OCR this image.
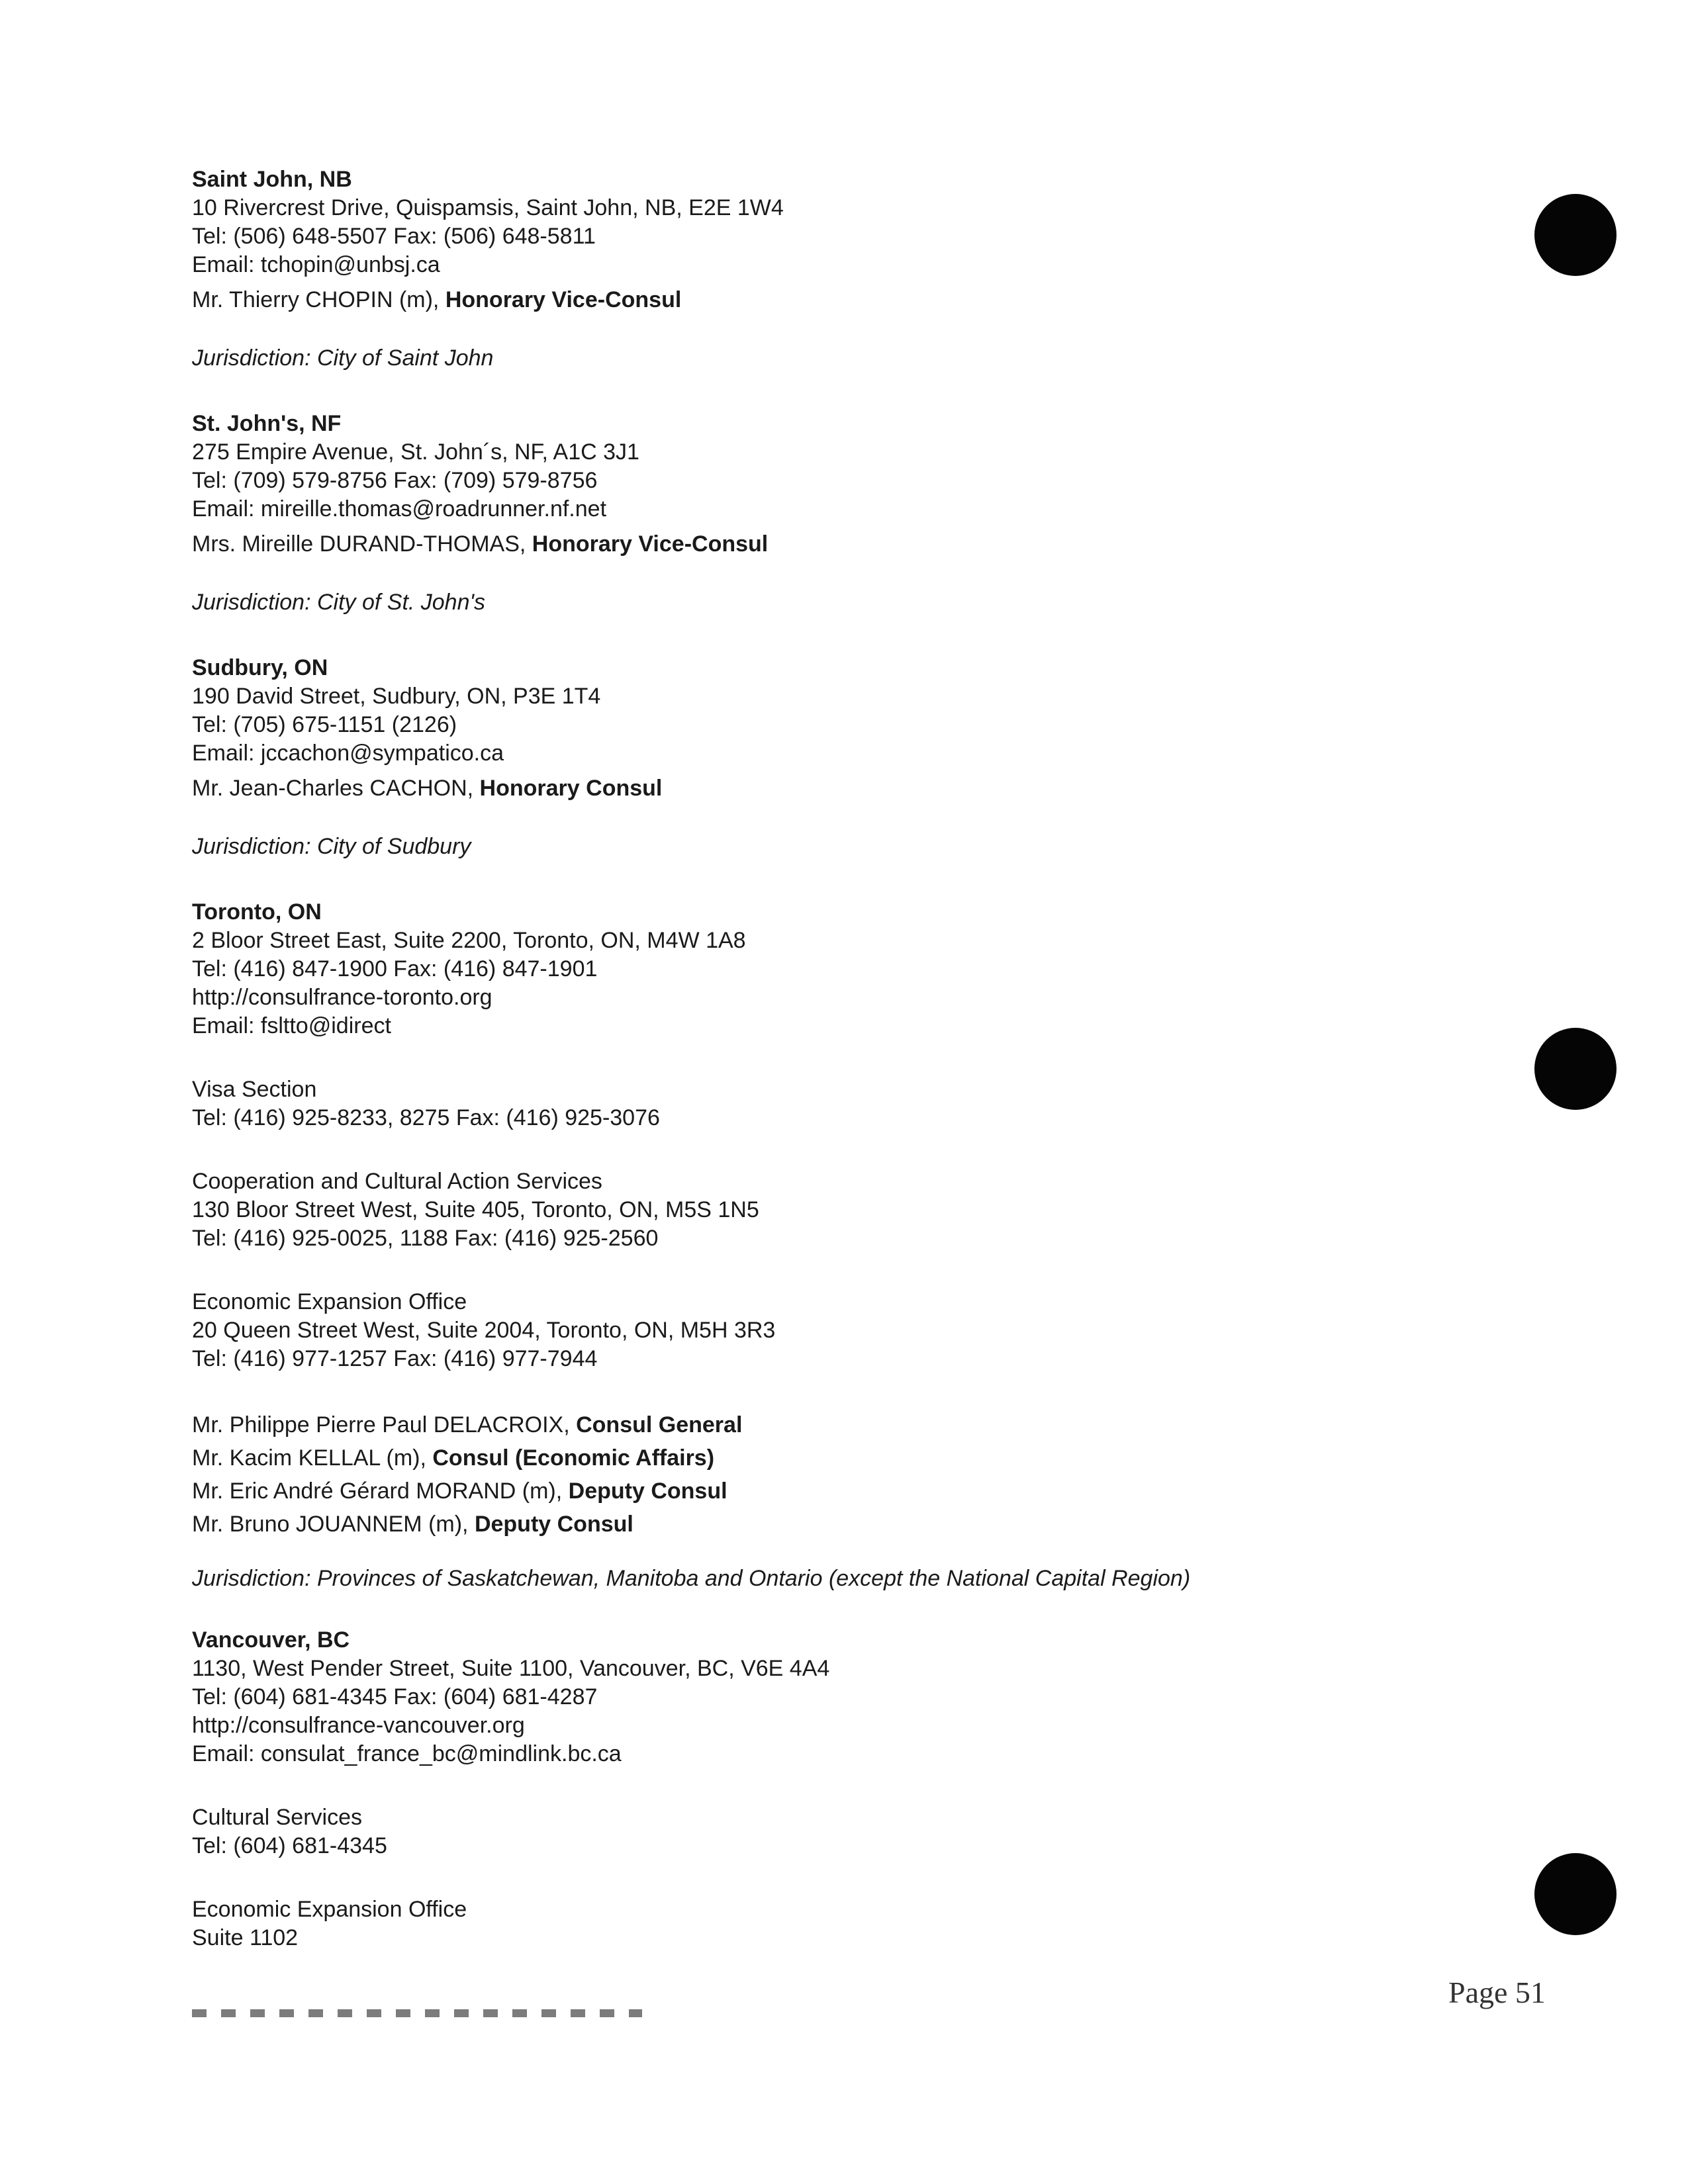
Saint John, NB
10 Rivercrest Drive, Quispamsis, Saint John, NB, E2E 1W4
Tel: (506) 648-5507 Fax: (506) 648-5811
Email: tchopin@unbsj.ca
Mr. Thierry CHOPIN (m), Honorary Vice-Consul
Jurisdiction: City of Saint John
St. John's, NF
275 Empire Avenue, St. John´s, NF, A1C 3J1
Tel: (709) 579-8756 Fax: (709) 579-8756
Email: mireille.thomas@roadrunner.nf.net
Mrs. Mireille DURAND-THOMAS, Honorary Vice-Consul
Jurisdiction: City of St. John's
Sudbury, ON
190 David Street, Sudbury, ON, P3E 1T4
Tel: (705) 675-1151 (2126)
Email: jccachon@sympatico.ca
Mr. Jean-Charles CACHON, Honorary Consul
Jurisdiction: City of Sudbury
Toronto, ON
2 Bloor Street East, Suite 2200, Toronto, ON, M4W 1A8
Tel: (416) 847-1900 Fax: (416) 847-1901
http://consulfrance-toronto.org
Email: fsltto@idirect
Visa Section
Tel: (416) 925-8233, 8275 Fax: (416) 925-3076
Cooperation and Cultural Action Services
130 Bloor Street West, Suite 405, Toronto, ON, M5S 1N5
Tel: (416) 925-0025, 1188 Fax: (416) 925-2560
Economic Expansion Office
20 Queen Street West, Suite 2004, Toronto, ON, M5H 3R3
Tel: (416) 977-1257 Fax: (416) 977-7944
Mr. Philippe Pierre Paul DELACROIX, Consul General
Mr. Kacim KELLAL (m), Consul (Economic Affairs)
Mr. Eric André Gérard MORAND (m), Deputy Consul
Mr. Bruno JOUANNEM (m), Deputy Consul
Jurisdiction: Provinces of Saskatchewan, Manitoba and Ontario (except the National Capital Region)
Vancouver, BC
1130, West Pender Street, Suite 1100, Vancouver, BC, V6E 4A4
Tel: (604) 681-4345 Fax: (604) 681-4287
http://consulfrance-vancouver.org
Email: consulat_france_bc@mindlink.bc.ca
Cultural Services
Tel: (604) 681-4345
Economic Expansion Office
Suite 1102
Page 51
